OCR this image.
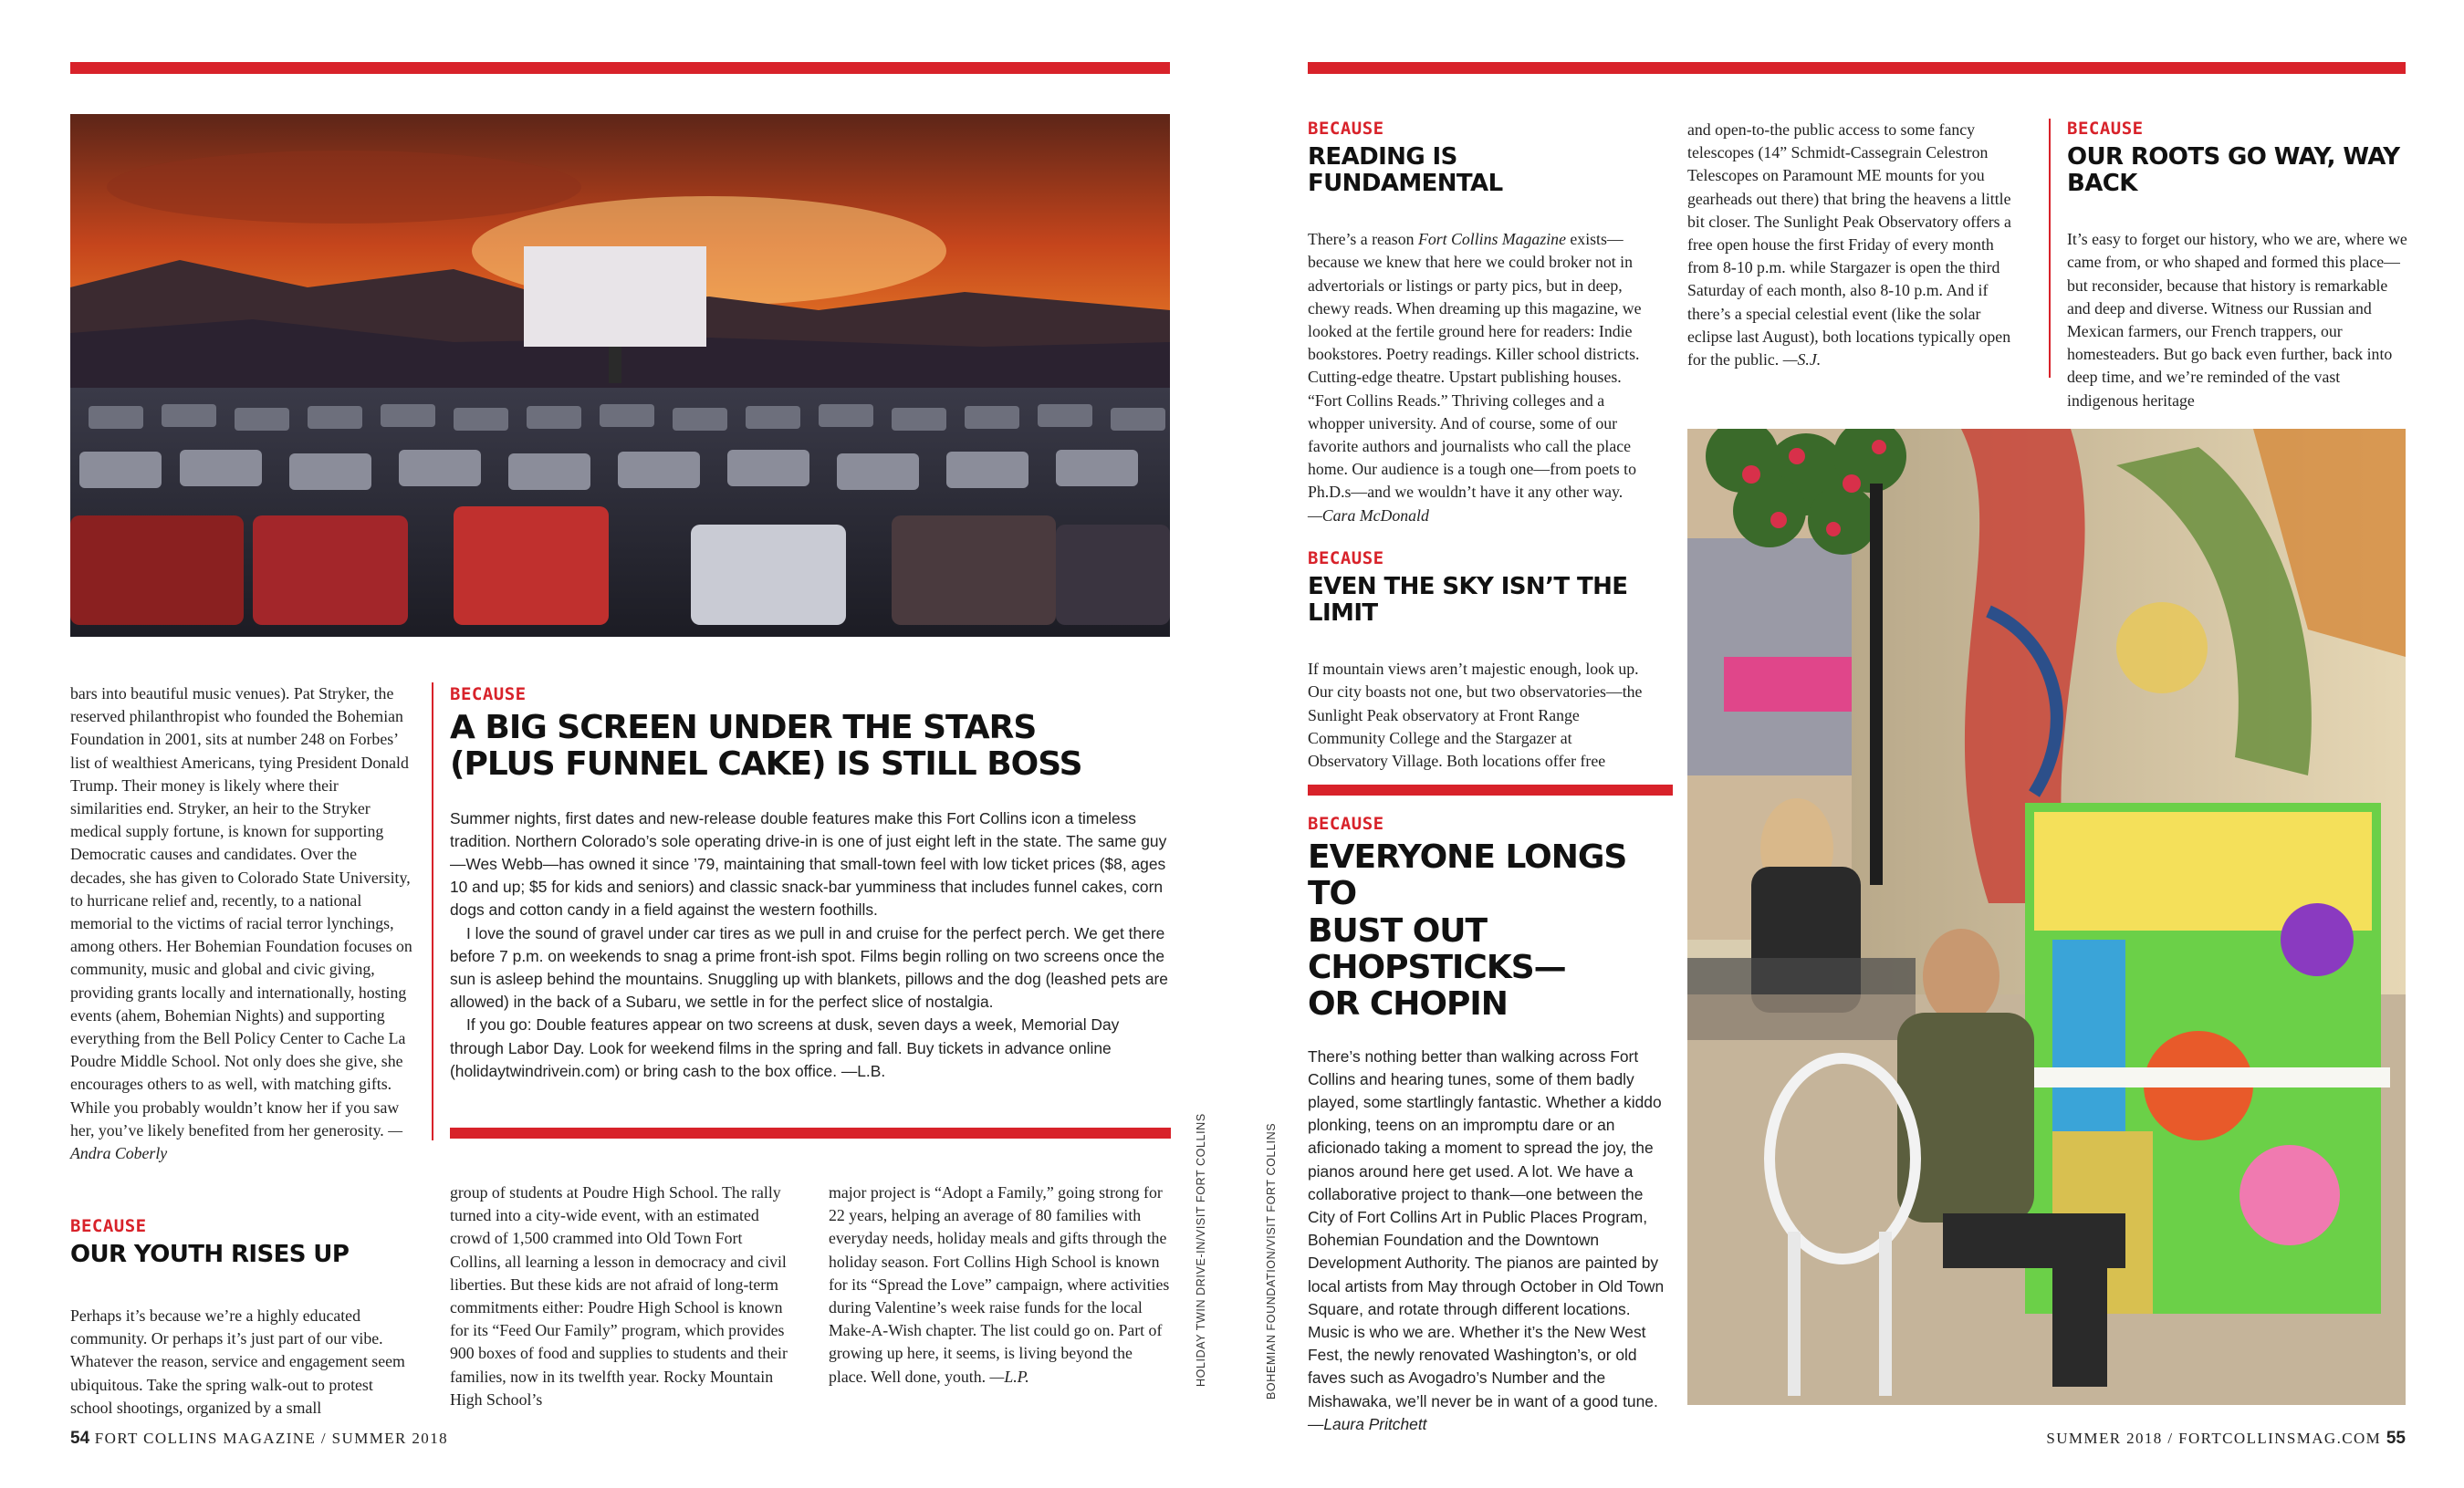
bars into beautiful music venues). Pat Stryker, the reserved philanthropist who founded the Bohemian Foundation in 2001, sits at number 248 on Forbes’ list of wealthiest Americans, tying President Donald Trump. Their money is likely where their similarities end. Stryker, an heir to the Stryker medical supply fortune, is known for supporting Democratic causes and candidates. Over the decades, she has given to Colorado State University, to hurricane relief and, recently, to a national memorial to the victims of racial terror lynchings, among others. Her Bohemian Foundation focuses on community, music and global and civic giving, providing grants locally and internationally, hosting events (ahem, Bohemian Nights) and supporting everything from the Bell Policy Center to Cache La Poudre Middle School. Not only does she give, she encourages others to as well, with matching gifts. While you probably wouldn’t know her if you saw her, you’ve likely benefited from her generosity. —Andra Coberly

BECAUSE
A BIG SCREEN UNDER THE STARS
(PLUS FUNNEL CAKE) IS STILL BOSS

Summer nights, first dates and new-release double features make this Fort Collins icon a timeless tradition. Northern Colorado’s sole operating drive-in is one of just eight left in the state. The same guy—Wes Webb—has owned it since ’79, maintaining that small-town feel with low ticket prices ($8, ages 10 and up; $5 for kids and seniors) and classic snack-bar yumminess that includes funnel cakes, corn dogs and cotton candy in a field against the western foothills.

I love the sound of gravel under car tires as we pull in and cruise for the perfect perch. We get there before 7 p.m. on weekends to snag a prime front-ish spot. Films begin rolling on two screens once the sun is asleep behind the mountains. Snuggling up with blankets, pillows and the dog (leashed pets are allowed) in the back of a Subaru, we settle in for the perfect slice of nostalgia.

If you go: Double features appear on two screens at dusk, seven days a week, Memorial Day through Labor Day. Look for weekend films in the spring and fall. Buy tickets in advance online (holidaytwindrivein.com) or bring cash to the box office. —L.B.

BECAUSE
OUR YOUTH RISES UP
Perhaps it’s because we’re a highly educated community. Or perhaps it’s just part of our vibe. Whatever the reason, service and engagement seem ubiquitous. Take the spring walk-out to protest school shootings, organized by a small
group of students at Poudre High School. The rally turned into a city-wide event, with an estimated crowd of 1,500 crammed into Old Town Fort Collins, all learning a lesson in democracy and civil liberties. But these kids are not afraid of long-term commitments either: Poudre High School is known for its “Feed Our Family” program, which provides 900 boxes of food and supplies to students and their families, now in its twelfth year. Rocky Mountain High School’s
major project is “Adopt a Family,” going strong for 22 years, helping an average of 80 families with everyday needs, holiday meals and gifts through the holiday season. Fort Collins High School is known for its “Spread the Love” campaign, where activities during Valentine’s week raise funds for the local Make-A-Wish chapter. The list could go on. Part of growing up here, it seems, is living beyond the place. Well done, youth. —L.P.
54 FORT COLLINS MAGAZINE / SUMMER 2018
HOLIDAY TWIN DRIVE-IN/VISIT FORT COLLINS	BOHEMIAN FOUNDATION/VISIT FORT COLLINS
BECAUSE
READING IS FUNDAMENTAL
There’s a reason Fort Collins Magazine exists—because we knew that here we could broker not in advertorials or listings or party pics, but in deep, chewy reads. When dreaming up this magazine, we looked at the fertile ground here for readers: Indie bookstores. Poetry readings. Killer school districts. Cutting-edge theatre. Upstart publishing houses. “Fort Collins Reads.” Thriving colleges and a whopper university. And of course, some of our favorite authors and journalists who call the place home. Our audience is a tough one—from poets to Ph.D.s—and we wouldn’t have it any other way.
—Cara McDonald
BECAUSE
EVEN THE SKY ISN’T THE LIMIT
If mountain views aren’t majestic enough, look up. Our city boasts not one, but two observatories—the Sunlight Peak observatory at Front Range Community College and the Stargazer at Observatory Village. Both locations offer free
and open-to-the public access to some fancy telescopes (14” Schmidt-Cassegrain Celestron Telescopes on Paramount ME mounts for you gearheads out there) that bring the heavens a little bit closer. The Sunlight Peak Observatory offers a free open house the first Friday of every month from 8-10 p.m. while Stargazer is open the third Saturday of each month, also 8-10 p.m. And if there’s a special celestial event (like the solar eclipse last August), both locations typically open for the public. —S.J.
BECAUSE
OUR ROOTS GO WAY, WAY BACK
It’s easy to forget our history, who we are, where we came from, or who shaped and formed this place—but reconsider, because that history is remarkable and deep and diverse. Witness our Russian and Mexican farmers, our French trappers, our homesteaders. But go back even further, back into deep time, and we’re reminded of the vast indigenous heritage
BECAUSE
EVERYONE LONGS TO
BUST OUT CHOPSTICKS—
OR CHOPIN
There’s nothing better than walking across Fort Collins and hearing tunes, some of them badly played, some startlingly fantastic. Whether a kiddo plonking, teens on an impromptu dare or an aficionado taking a moment to spread the joy, the pianos around here get used. A lot. We have a collaborative project to thank—one between the City of Fort Collins Art in Public Places Program, Bohemian Foundation and the Downtown Development Authority. The pianos are painted by local artists from May through October in Old Town Square, and rotate through different locations. Music is who we are. Whether it’s the New West Fest, the newly renovated Washington’s, or old faves such as Avogadro’s Number and the Mishawaka, we’ll never be in want of a good tune. —Laura Pritchett
SUMMER 2018 / FORTCOLLINSMAG.COM 55
